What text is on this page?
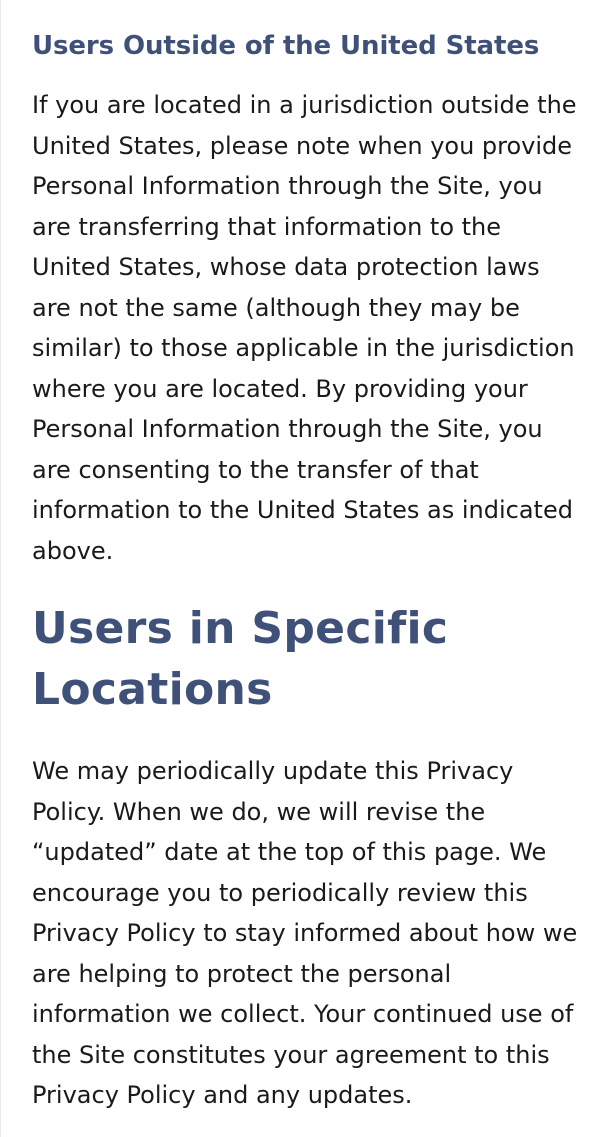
Users Outside of the United States

If you are located in a jurisdiction outside the United States, please note when you provide Personal Information through the Site, you are transferring that information to the United States, whose data protection laws are not the same (although they may be similar) to those applicable in the jurisdiction where you are located. By providing your Personal Information through the Site, you are consenting to the transfer of that information to the United States as indicated above.

Users in Specific Locations

We may periodically update this Privacy Policy. When we do, we will revise the “updated” date at the top of this page. We encourage you to periodically review this Privacy Policy to stay informed about how we are helping to protect the personal information we collect. Your continued use of the Site constitutes your agreement to this Privacy Policy and any updates.
